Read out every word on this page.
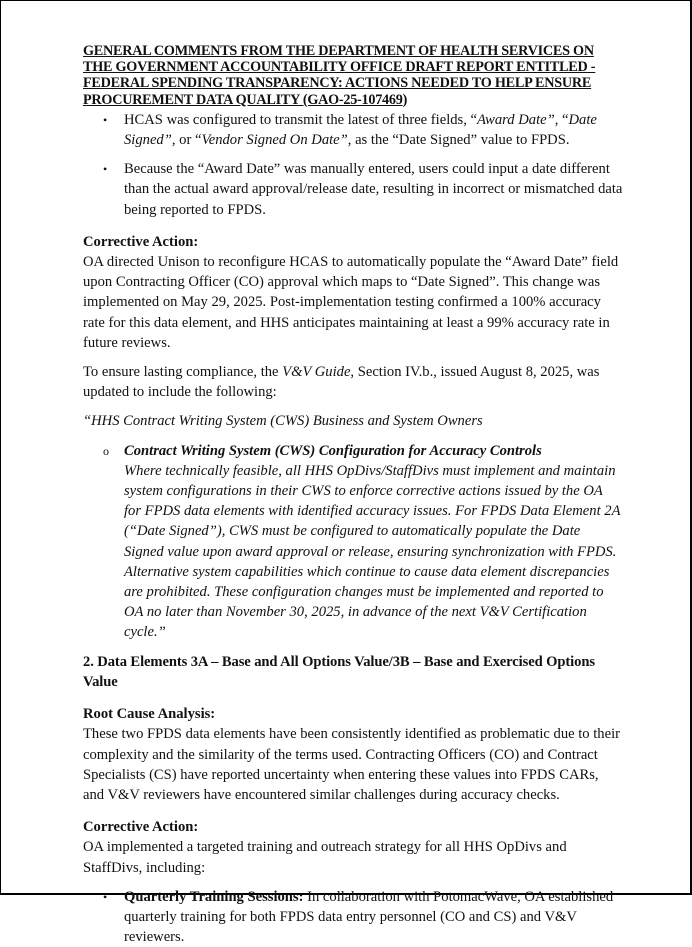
GENERAL COMMENTS FROM THE DEPARTMENT OF HEALTH SERVICES ON THE GOVERNMENT ACCOUNTABILITY OFFICE DRAFT REPORT ENTITLED - FEDERAL SPENDING TRANSPARENCY: ACTIONS NEEDED TO HELP ENSURE PROCUREMENT DATA QUALITY (GAO-25-107469)

• HCAS was configured to transmit the latest of three fields, “Award Date”, “Date Signed”, or “Vendor Signed On Date”, as the “Date Signed” value to FPDS.
• Because the “Award Date” was manually entered, users could input a date different than the actual award approval/release date, resulting in incorrect or mismatched data being reported to FPDS.

Corrective Action:

OA directed Unison to reconfigure HCAS to automatically populate the “Award Date” field upon Contracting Officer (CO) approval which maps to “Date Signed”. This change was implemented on May 29, 2025. Post-implementation testing confirmed a 100% accuracy rate for this data element, and HHS anticipates maintaining at least a 99% accuracy rate in future reviews.

To ensure lasting compliance, the V&V Guide, Section IV.b., issued August 8, 2025, was updated to include the following:

“HHS Contract Writing System (CWS) Business and System Owners

o Contract Writing System (CWS) Configuration for Accuracy Controls

Where technically feasible, all HHS OpDivs/StaffDivs must implement and maintain system configurations in their CWS to enforce corrective actions issued by the OA for FPDS data elements with identified accuracy issues. For FPDS Data Element 2A (“Date Signed”), CWS must be configured to automatically populate the Date Signed value upon award approval or release, ensuring synchronization with FPDS. Alternative system capabilities which continue to cause data element discrepancies are prohibited. These configuration changes must be implemented and reported to OA no later than November 30, 2025, in advance of the next V&V Certification cycle.”

2. Data Elements 3A – Base and All Options Value/3B – Base and Exercised Options Value

Root Cause Analysis:

These two FPDS data elements have been consistently identified as problematic due to their complexity and the similarity of the terms used. Contracting Officers (CO) and Contract Specialists (CS) have reported uncertainty when entering these values into FPDS CARs, and V&V reviewers have encountered similar challenges during accuracy checks.

Corrective Action:

OA implemented a targeted training and outreach strategy for all HHS OpDivs and StaffDivs, including:

• Quarterly Training Sessions: In collaboration with PotomacWave, OA established quarterly training for both FPDS data entry personnel (CO and CS) and V&V reviewers.
